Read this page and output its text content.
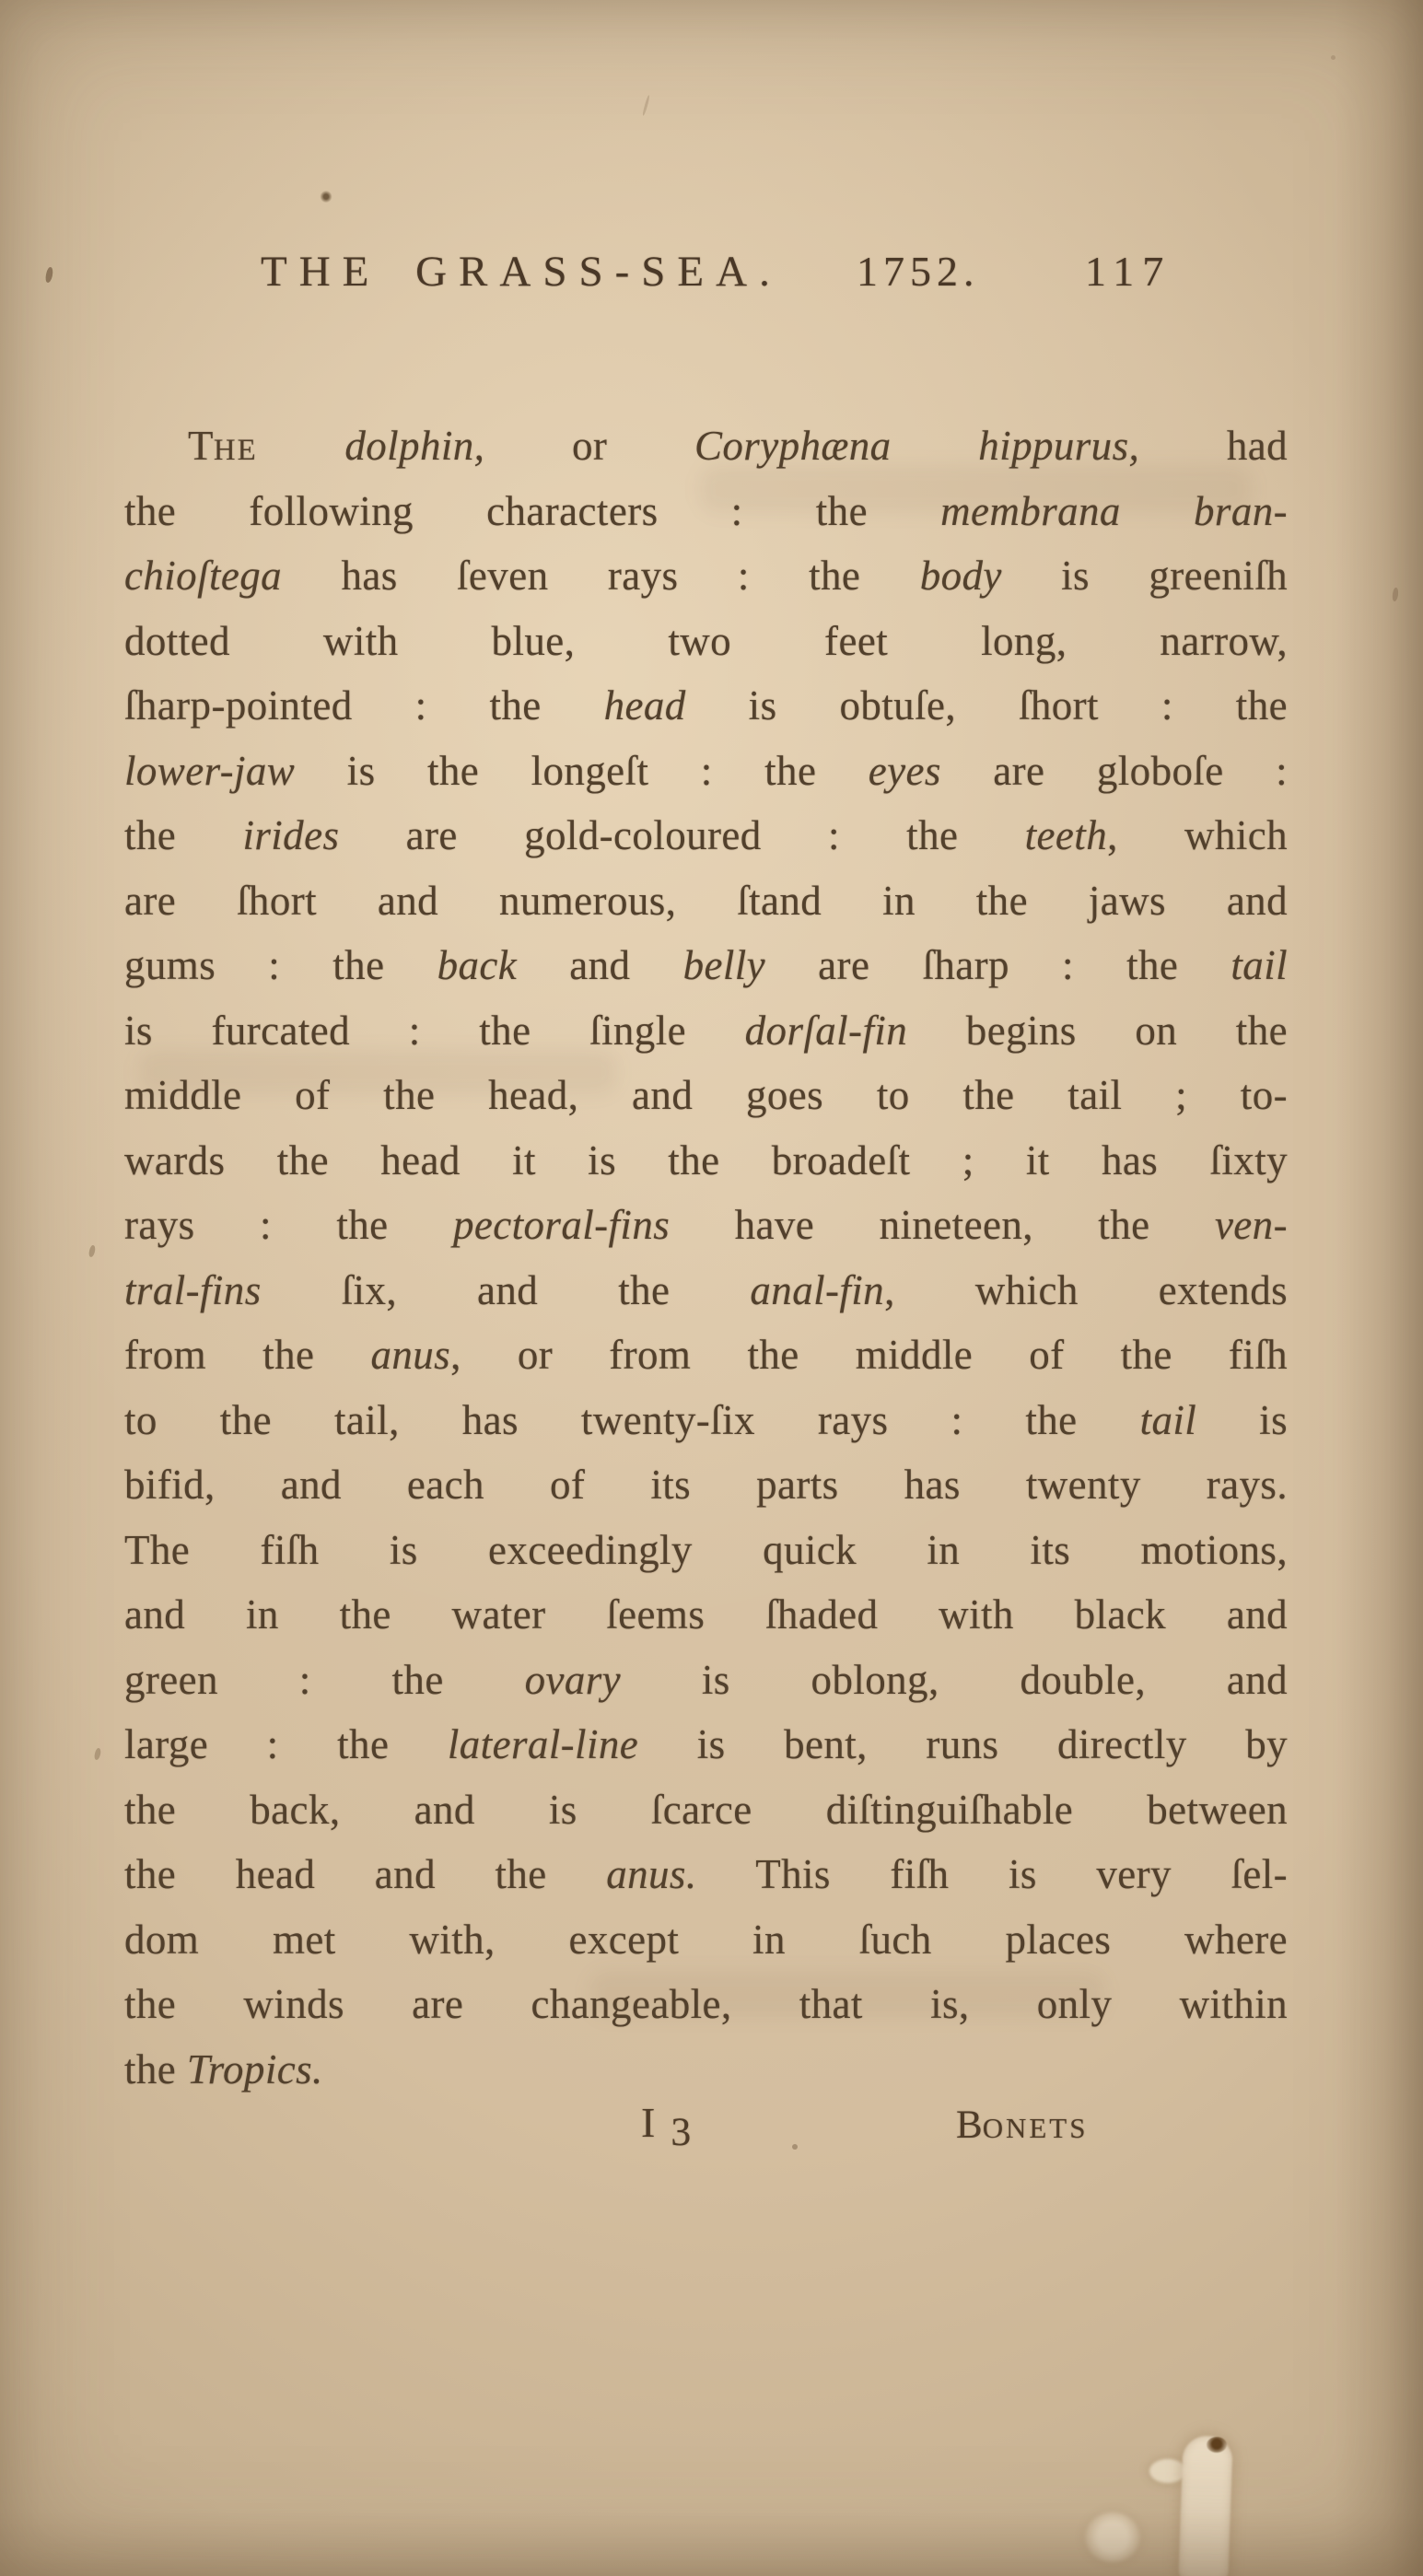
THE GRASS-SEA. 1752. 117
THE dolphin, or Coryphæna hippurus, had
the following characters : the membrana bran-
chioſtega has ſeven rays : the body is greeniſh
dotted with blue, two feet long, narrow,
ſharp-pointed : the head is obtuſe, ſhort : the
lower-jaw is the longeſt : the eyes are globoſe :
the irides are gold-coloured : the teeth, which
are ſhort and numerous, ſtand in the jaws and
gums : the back and belly are ſharp : the tail
is furcated : the ſingle dorſal-fin begins on the
middle of the head, and goes to the tail ; to-
wards the head it is the broadeſt ; it has ſixty
rays : the pectoral-fins have nineteen, the ven-
tral-fins ſix, and the anal-fin, which extends
from the anus, or from the middle of the fiſh
to the tail, has twenty-ſix rays : the tail is
bifid, and each of its parts has twenty rays.
The fiſh is exceedingly quick in its motions,
and in the water ſeems ſhaded with black and
green : the ovary is oblong, double, and
large : the lateral-line is bent, runs directly by
the back, and is ſcarce diſtinguiſhable between
the head and the anus. This fiſh is very ſel-
dom met with, except in ſuch places where
the winds are changeable, that is, only within
the Tropics.
I 3	BONETS
